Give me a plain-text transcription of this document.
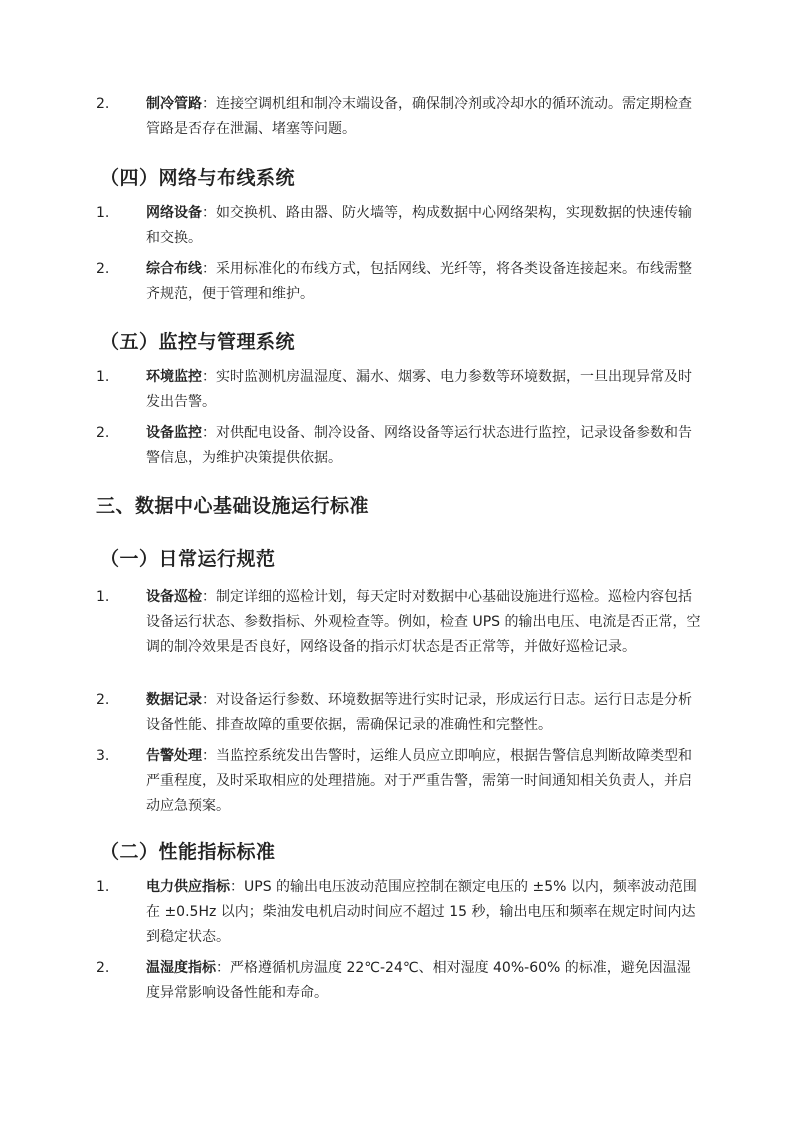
2.	制冷管路：连接空调机组和制冷末端设备，确保制冷剂或冷却水的循环流动。需定期检查管路是否存在泄漏、堵塞等问题。
（四）网络与布线系统
1.	网络设备：如交换机、路由器、防火墙等，构成数据中心网络架构，实现数据的快速传输和交换。
2.	综合布线：采用标准化的布线方式，包括网线、光纤等，将各类设备连接起来。布线需整齐规范，便于管理和维护。
（五）监控与管理系统
1.	环境监控：实时监测机房温湿度、漏水、烟雾、电力参数等环境数据，一旦出现异常及时发出告警。
2.	设备监控：对供配电设备、制冷设备、网络设备等运行状态进行监控，记录设备参数和告警信息，为维护决策提供依据。
三、数据中心基础设施运行标准
（一）日常运行规范
1.	设备巡检：制定详细的巡检计划，每天定时对数据中心基础设施进行巡检。巡检内容包括设备运行状态、参数指标、外观检查等。例如，检查 UPS 的输出电压、电流是否正常，空调的制冷效果是否良好，网络设备的指示灯状态是否正常等，并做好巡检记录。
2.	数据记录：对设备运行参数、环境数据等进行实时记录，形成运行日志。运行日志是分析设备性能、排查故障的重要依据，需确保记录的准确性和完整性。
3.	告警处理：当监控系统发出告警时，运维人员应立即响应，根据告警信息判断故障类型和严重程度，及时采取相应的处理措施。对于严重告警，需第一时间通知相关负责人，并启动应急预案。
（二）性能指标标准
1.	电力供应指标：UPS 的输出电压波动范围应控制在额定电压的 ±5% 以内，频率波动范围在 ±0.5Hz 以内；柴油发电机启动时间应不超过 15 秒，输出电压和频率在规定时间内达到稳定状态。
2.	温湿度指标：严格遵循机房温度 22℃-24℃、相对湿度 40%-60% 的标准，避免因温湿度异常影响设备性能和寿命。
